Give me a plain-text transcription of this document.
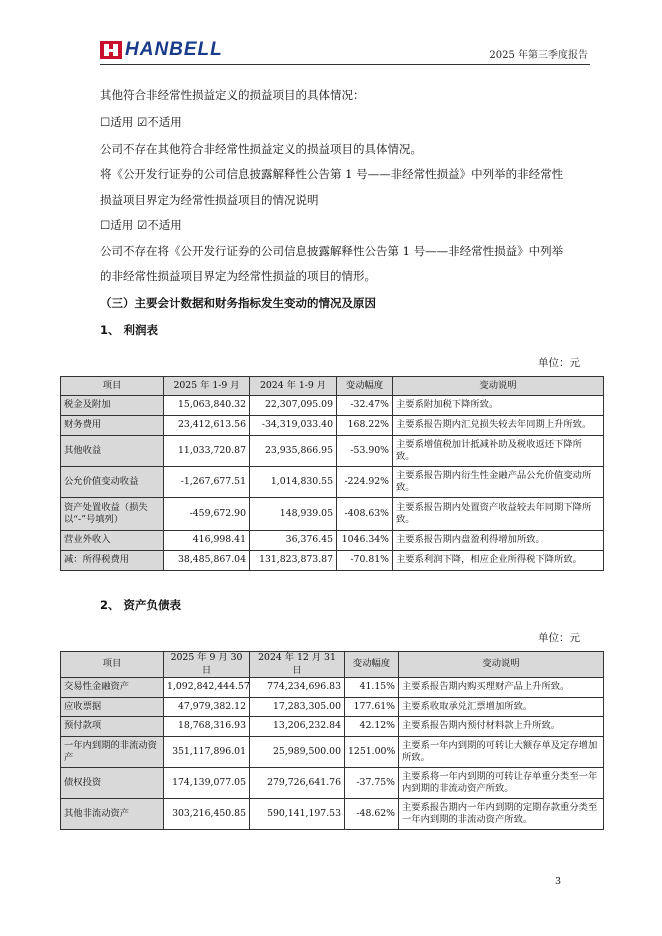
HANBELL	2025 年第三季度报告
其他符合非经常性损益定义的损益项目的具体情况：
☐适用 ☑不适用
公司不存在其他符合非经常性损益定义的损益项目的具体情况。
将《公开发行证券的公司信息披露解释性公告第 1 号——非经常性损益》中列举的非经常性
损益项目界定为经常性损益项目的情况说明
☐适用 ☑不适用
公司不存在将《公开发行证券的公司信息披露解释性公告第 1 号——非经常性损益》中列举
的非经常性损益项目界定为经常性损益的项目的情形。
（三）主要会计数据和财务指标发生变动的情况及原因
1、 利润表
单位：元
项目	2025 年 1-9 月	2024 年 1-9 月	变动幅度	变动说明
税金及附加	15,063,840.32	22,307,095.09	-32.47%	主要系附加税下降所致。
财务费用	23,412,613.56	-34,319,033.40	168.22%	主要系报告期内汇兑损失较去年同期上升所致。
其他收益	11,033,720.87	23,935,866.95	-53.90%	主要系增值税加计抵减补助及税收返还下降所致。
公允价值变动收益	-1,267,677.51	1,014,830.55	-224.92%	主要系报告期内衍生性金融产品公允价值变动所致。
资产处置收益（损失以“-”号填列）	-459,672.90	148,939.05	-408.63%	主要系报告期内处置资产收益较去年同期下降所致。
营业外收入	416,998.41	36,376.45	1046.34%	主要系报告期内盘盈利得增加所致。
减：所得税费用	38,485,867.04	131,823,873.87	-70.81%	主要系利润下降，相应企业所得税下降所致。
2、 资产负债表
单位：元
项目	2025 年 9 月 30 日	2024 年 12 月 31 日	变动幅度	变动说明
交易性金融资产	1,092,842,444.57	774,234,696.83	41.15%	主要系报告期内购买理财产品上升所致。
应收票据	47,979,382.12	17,283,305.00	177.61%	主要系收取承兑汇票增加所致。
预付款项	18,768,316.93	13,206,232.84	42.12%	主要系报告期内预付材料款上升所致。
一年内到期的非流动资产	351,117,896.01	25,989,500.00	1251.00%	主要系一年内到期的可转让大额存单及定存增加所致。
债权投资	174,139,077.05	279,726,641.76	-37.75%	主要系将一年内到期的可转让存单重分类至一年内到期的非流动资产所致。
其他非流动资产	303,216,450.85	590,141,197.53	-48.62%	主要系报告期内一年内到期的定期存款重分类至一年内到期的非流动资产所致。
3
